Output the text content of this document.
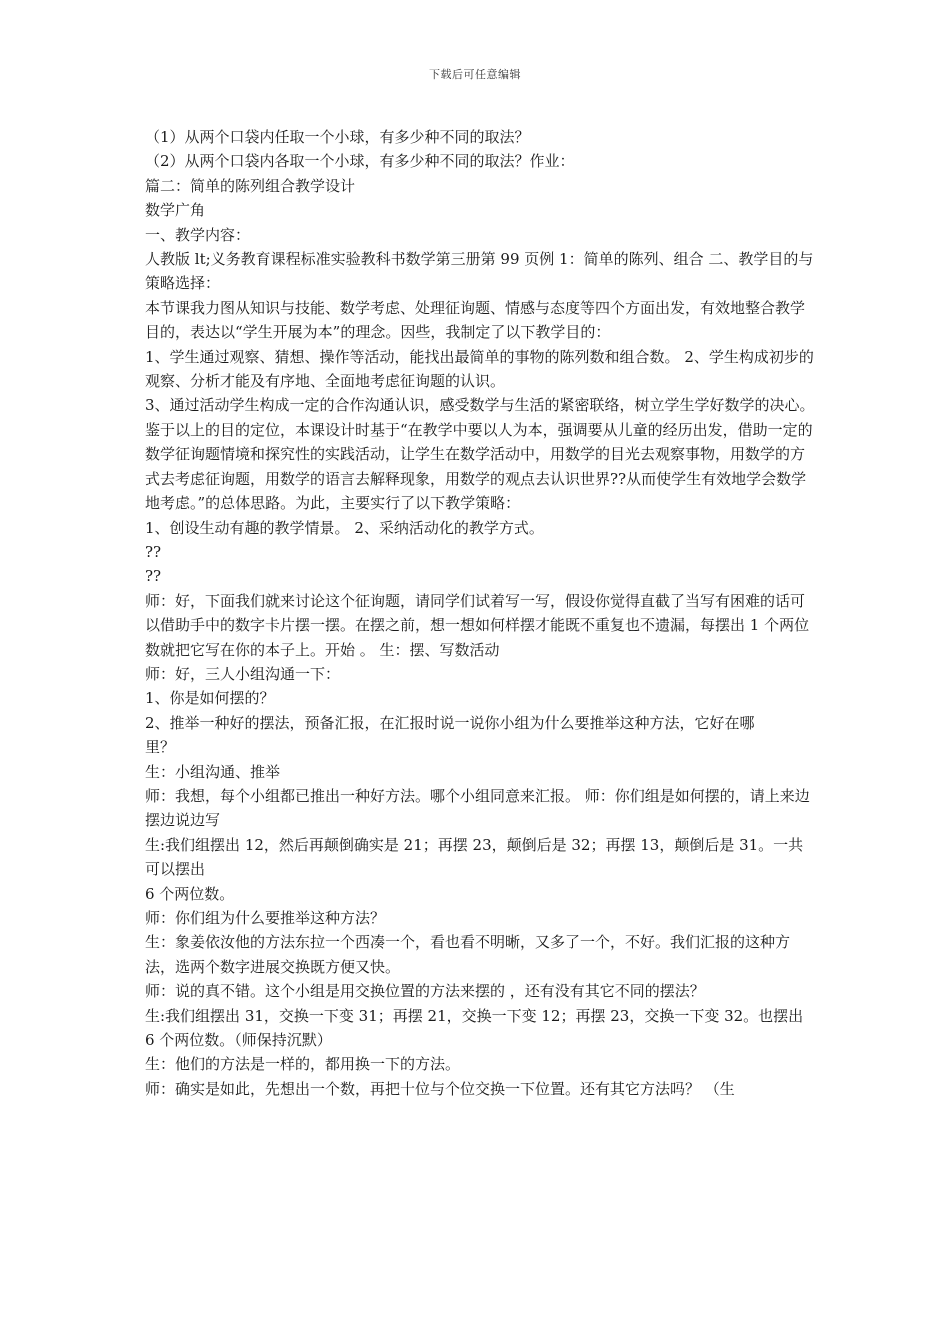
下载后可任意编辑

（1）从两个口袋内任取一个小球，有多少种不同的取法？

（2）从两个口袋内各取一个小球，有多少种不同的取法？作业：

篇二：简单的陈列组合教学设计

数学广角

一、教学内容：

人教版 lt;义务教育课程标准实验教科书数学第三册第 99 页例 1：简单的陈列、组合 二、教学目的与策略选择：

本节课我力图从知识与技能、数学考虑、处理征询题、情感与态度等四个方面出发，有效地整合教学

目的，表达以“学生开展为本”的理念。因些，我制定了以下教学目的：

1、学生通过观察、猜想、操作等活动，能找出最简单的事物的陈列数和组合数。 2、学生构成初步的观察、分析才能及有序地、全面地考虑征询题的认识。

3、通过活动学生构成一定的合作沟通认识，感受数学与生活的紧密联络，树立学生学好数学的决心。

鉴于以上的目的定位，本课设计时基于“在教学中要以人为本，强调要从儿童的经历出发，借助一定的数学征询题情境和探究性的实践活动，让学生在数学活动中，用数学的目光去观察事物，用数学的方式去考虑征询题，用数学的语言去解释现象，用数学的观点去认识世界??从而使学生有效地学会数学地考虑。”的总体思路。为此，主要实行了以下教学策略：

1、创设生动有趣的教学情景。 2、采纳活动化的教学方式。

??

??

师：好，下面我们就来讨论这个征询题，请同学们试着写一写，假设你觉得直截了当写有困难的话可以借助手中的数字卡片摆一摆。在摆之前，想一想如何样摆才能既不重复也不遗漏，每摆出 1 个两位数就把它写在你的本子上。开始 。 生：摆、写数活动

师：好，三人小组沟通一下：

1、你是如何摆的？

2、推举一种好的摆法，预备汇报，在汇报时说一说你小组为什么要推举这种方法，它好在哪

里？

生：小组沟通、推举

师：我想，每个小组都已推出一种好方法。哪个小组同意来汇报。 师：你们组是如何摆的，请上来边摆边说边写

生:我们组摆出 12，然后再颠倒确实是 21；再摆 23，颠倒后是 32；再摆 13，颠倒后是 31。一共可以摆出

6 个两位数。

师：你们组为什么要推举这种方法？

生：象姜依汝他的方法东拉一个西凑一个，看也看不明晰，又多了一个，不好。我们汇报的这种方法，选两个数字进展交换既方便又快。

师：说的真不错。这个小组是用交换位置的方法来摆的 ，还有没有其它不同的摆法？

生:我们组摆出 31，交换一下变 31；再摆 21，交换一下变 12；再摆 23，交换一下变 32。也摆出 6 个两位数。（师保持沉默）

生：他们的方法是一样的，都用换一下的方法。

师：确实是如此，先想出一个数，再把十位与个位交换一下位置。还有其它方法吗？ （生
